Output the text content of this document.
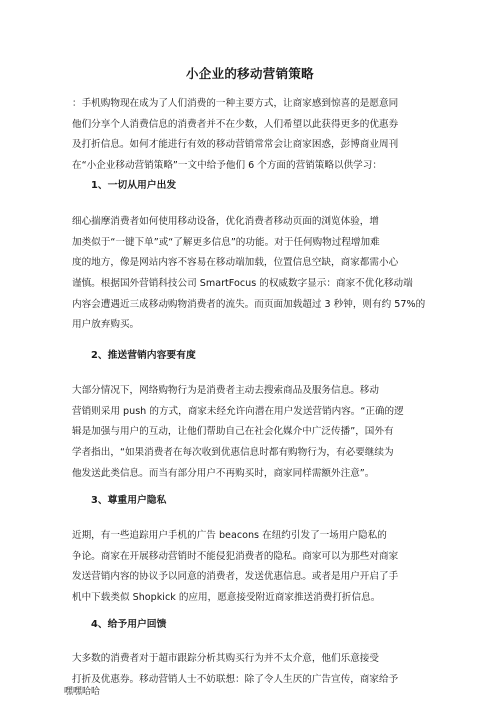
小企业的移动营销策略
：手机购物现在成为了人们消费的一种主要方式，让商家感到惊喜的是愿意同
他们分享个人消费信息的消费者并不在少数，人们希望以此获得更多的优惠券
及打折信息。如何才能进行有效的移动营销常常会让商家困惑，彭博商业周刊
在“小企业移动营销策略”一文中给予他们 6 个方面的营销策略以供学习：
1、一切从用户出发
细心揣摩消费者如何使用移动设备，优化消费者移动页面的浏览体验，增
加类似于“一键下单”或“了解更多信息”的功能。对于任何购物过程增加难
度的地方，像是网站内容不容易在移动端加载，位置信息空缺，商家都需小心
谨慎。根据国外营销科技公司 SmartFocus 的权威数字显示：商家不优化移动端
内容会遭遇近三成移动购物消费者的流失。而页面加载超过 3 秒钟，则有约 57%的
用户放弃购买。
2、推送营销内容要有度
大部分情况下，网络购物行为是消费者主动去搜索商品及服务信息。移动
营销则采用 push 的方式，商家未经允许向潜在用户发送营销内容。“正确的逻
辑是加强与用户的互动，让他们帮助自己在社会化媒介中广泛传播”，国外有
学者指出，“如果消费者在每次收到优惠信息时都有购物行为，有必要继续为
他发送此类信息。而当有部分用户不再购买时，商家同样需额外注意”。
3、尊重用户隐私
近期，有一些追踪用户手机的广告 beacons 在纽约引发了一场用户隐私的
争论。商家在开展移动营销时不能侵犯消费者的隐私。商家可以为那些对商家
发送营销内容的协议予以同意的消费者，发送优惠信息。或者是用户开启了手
机中下载类似 Shopkick 的应用，愿意接受附近商家推送消费打折信息。
4、给予用户回馈
大多数的消费者对于超市跟踪分析其购买行为并不太介意，他们乐意接受
打折及优惠券。移动营销人士不妨联想：除了令人生厌的广告宣传，商家给予
嘿嘿哈哈
